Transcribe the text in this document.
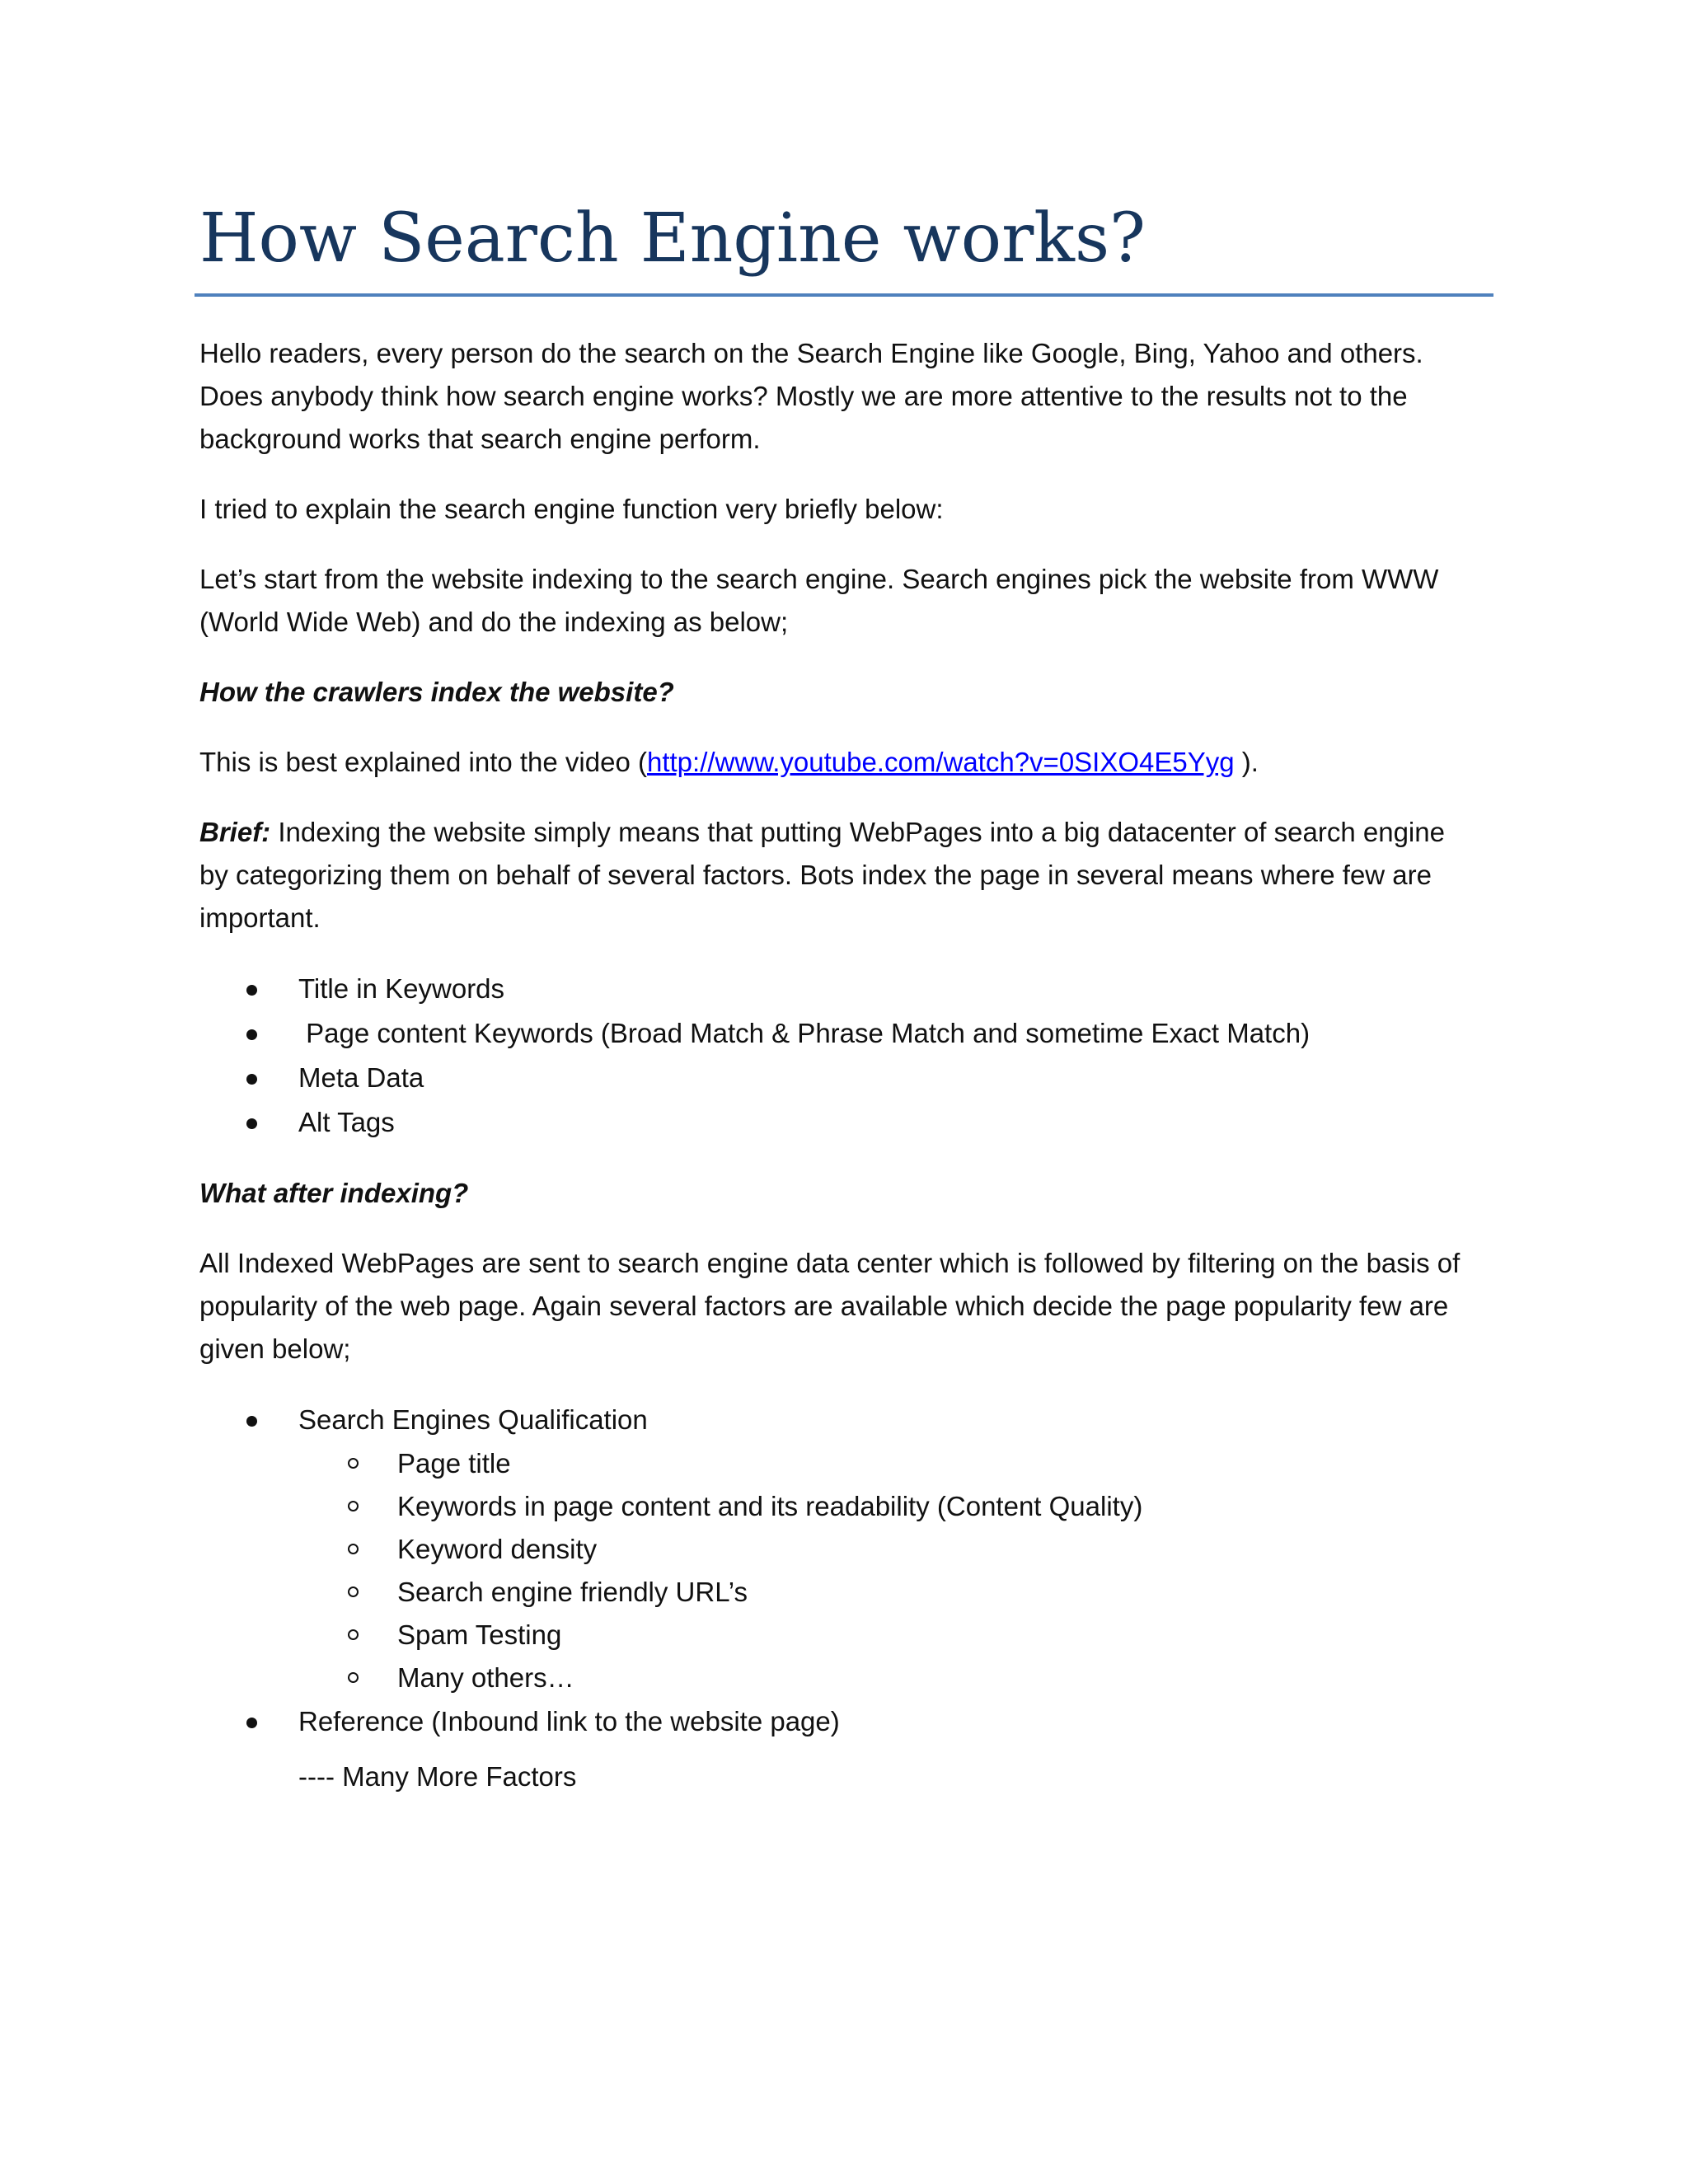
How Search Engine works?

Hello readers, every person do the search on the Search Engine like Google, Bing, Yahoo and others.
Does anybody think how search engine works? Mostly we are more attentive to the results not to the
background works that search engine perform.

I tried to explain the search engine function very briefly below:

Let’s start from the website indexing to the search engine. Search engines pick the website from WWW
(World Wide Web) and do the indexing as below;

How the crawlers index the website?

This is best explained into the video (http://www.youtube.com/watch?v=0SIXO4E5Yyg ).

Brief: Indexing the website simply means that putting WebPages into a big datacenter of search engine
by categorizing them on behalf of several factors. Bots index the page in several means where few are
important.

Title in Keywords
Page content Keywords (Broad Match & Phrase Match and sometime Exact Match)
Meta Data
Alt Tags

What after indexing?

All Indexed WebPages are sent to search engine data center which is followed by filtering on the basis of
popularity of the web page. Again several factors are available which decide the page popularity few are
given below;

Search Engines Qualification
Page title
Keywords in page content and its readability (Content Quality)
Keyword density
Search engine friendly URL’s
Spam Testing
Many others…
Reference (Inbound link to the website page)

---- Many More Factors
